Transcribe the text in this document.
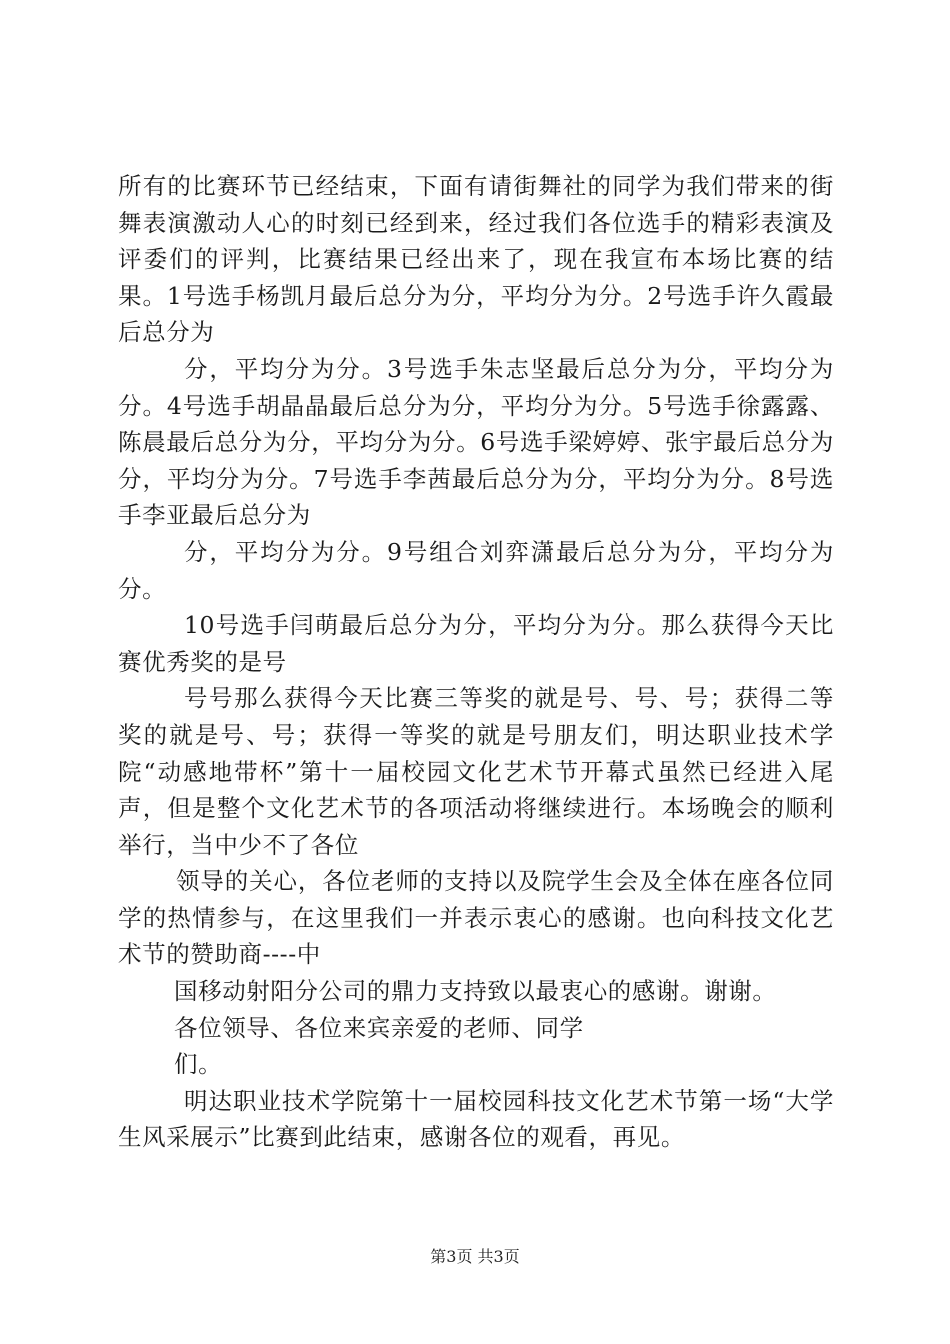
所有的比赛环节已经结束，下面有请街舞社的同学为我们带来的街舞表演激动人心的时刻已经到来，经过我们各位选手的精彩表演及评委们的评判，比赛结果已经出来了，现在我宣布本场比赛的结果。1号选手杨凯月最后总分为分，平均分为分。2号选手许久霞最后总分为

分，平均分为分。3号选手朱志坚最后总分为分，平均分为分。4号选手胡晶晶最后总分为分，平均分为分。5号选手徐露露、陈晨最后总分为分，平均分为分。6号选手梁婷婷、张宇最后总分为分，平均分为分。7号选手李茜最后总分为分，平均分为分。8号选手李亚最后总分为

分，平均分为分。9号组合刘弈潇最后总分为分，平均分为分。

10号选手闫萌最后总分为分，平均分为分。那么获得今天比赛优秀奖的是号

号号那么获得今天比赛三等奖的就是号、号、号；获得二等奖的就是号、号；获得一等奖的就是号朋友们，明达职业技术学院“动感地带杯”第十一届校园文化艺术节开幕式虽然已经进入尾声，但是整个文化艺术节的各项活动将继续进行。本场晚会的顺利举行，当中少不了各位

领导的关心，各位老师的支持以及院学生会及全体在座各位同学的热情参与，在这里我们一并表示衷心的感谢。也向科技文化艺术节的赞助商----中

国移动射阳分公司的鼎力支持致以最衷心的感谢。谢谢。

各位领导、各位来宾亲爱的老师、同学

们。

明达职业技术学院第十一届校园科技文化艺术节第一场“大学生风采展示”比赛到此结束，感谢各位的观看，再见。

第3页 共3页
